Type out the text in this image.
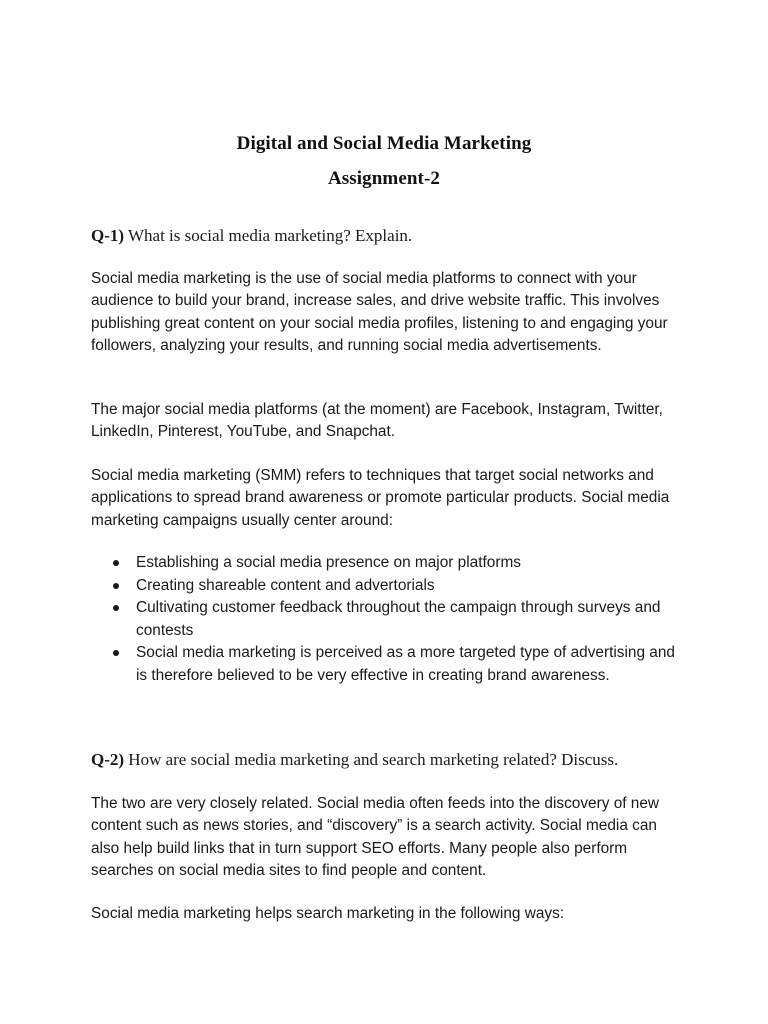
Digital and Social Media Marketing
Assignment-2
Q-1) What is social media marketing? Explain.

Social media marketing is the use of social media platforms to connect with your audience to build your brand, increase sales, and drive website traffic. This involves publishing great content on your social media profiles, listening to and engaging your followers, analyzing your results, and running social media advertisements.

The major social media platforms (at the moment) are Facebook, Instagram, Twitter, LinkedIn, Pinterest, YouTube, and Snapchat.

Social media marketing (SMM) refers to techniques that target social networks and applications to spread brand awareness or promote particular products. Social media marketing campaigns usually center around:

Establishing a social media presence on major platforms
Creating shareable content and advertorials
Cultivating customer feedback throughout the campaign through surveys and contests
Social media marketing is perceived as a more targeted type of advertising and is therefore believed to be very effective in creating brand awareness.
Q-2) How are social media marketing and search marketing related? Discuss.

The two are very closely related. Social media often feeds into the discovery of new content such as news stories, and “discovery” is a search activity. Social media can also help build links that in turn support SEO efforts. Many people also perform searches on social media sites to find people and content.

Social media marketing helps search marketing in the following ways:
